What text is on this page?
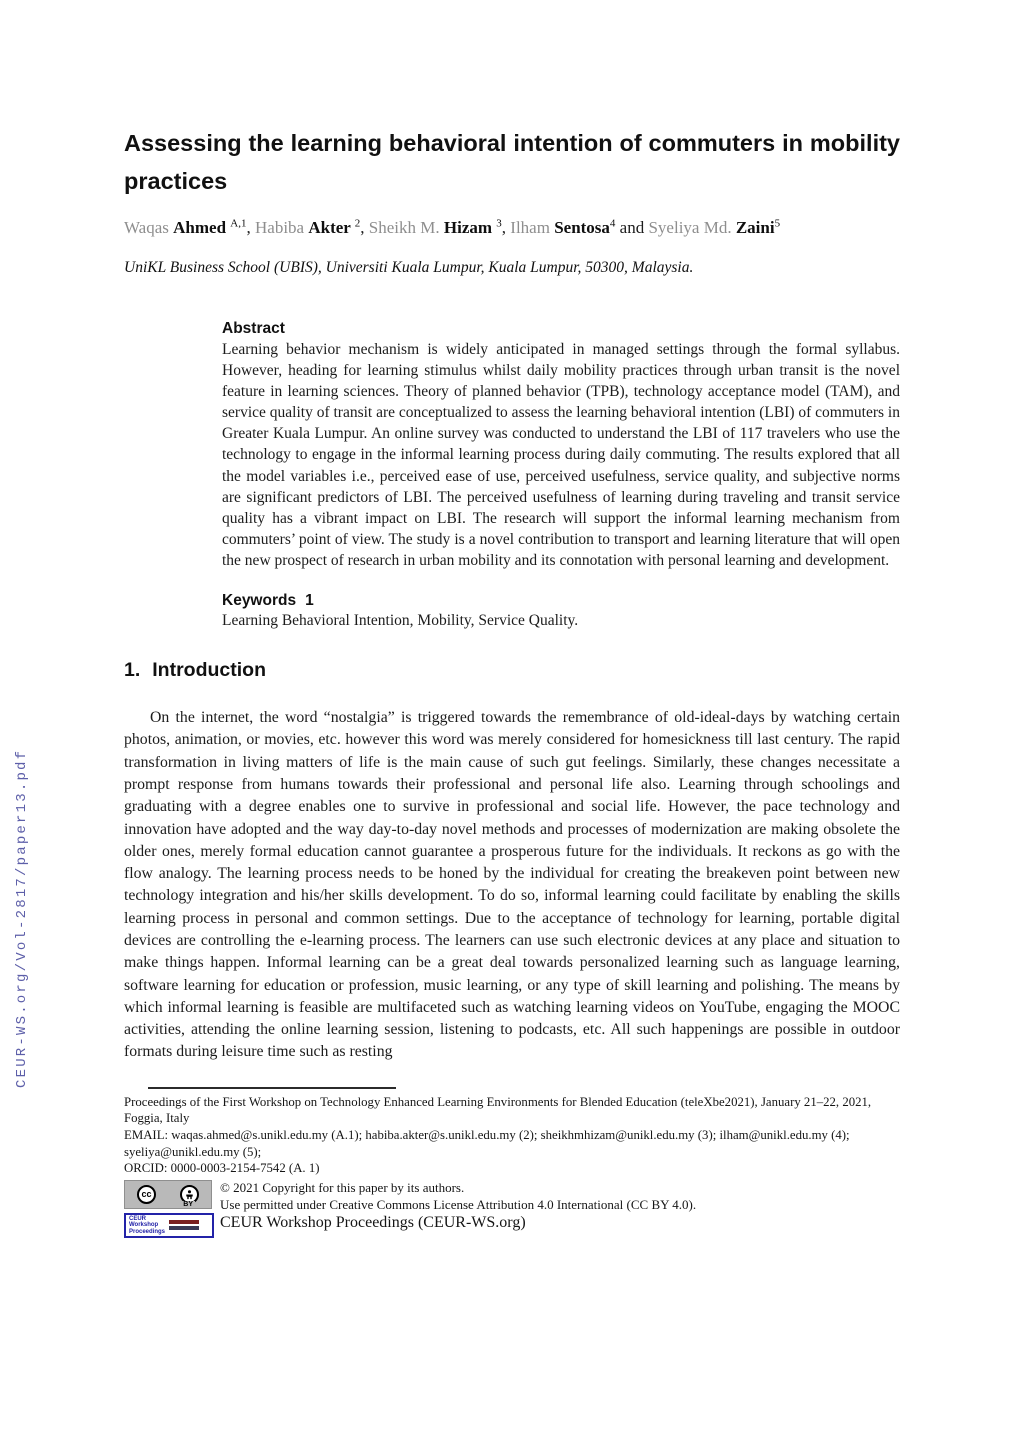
CEUR-WS.org/Vol-2817/paper13.pdf
Assessing the learning behavioral intention of commuters in mobility practices
Waqas Ahmed $^{A,1}$, Habiba Akter $^2$, Sheikh M. Hizam $^3$, Ilham Sentosa$^4$ and Syeliya Md. Zaini$^5$
UniKL Business School (UBIS), Universiti Kuala Lumpur, Kuala Lumpur, 50300, Malaysia.
Abstract
Learning behavior mechanism is widely anticipated in managed settings through the formal syllabus. However, heading for learning stimulus whilst daily mobility practices through urban transit is the novel feature in learning sciences. Theory of planned behavior (TPB), technology acceptance model (TAM), and service quality of transit are conceptualized to assess the learning behavioral intention (LBI) of commuters in Greater Kuala Lumpur. An online survey was conducted to understand the LBI of 117 travelers who use the technology to engage in the informal learning process during daily commuting. The results explored that all the model variables i.e., perceived ease of use, perceived usefulness, service quality, and subjective norms are significant predictors of LBI. The perceived usefulness of learning during traveling and transit service quality has a vibrant impact on LBI. The research will support the informal learning mechanism from commuters’ point of view. The study is a novel contribution to transport and learning literature that will open the new prospect of research in urban mobility and its connotation with personal learning and development.
Keywords 1
Learning Behavioral Intention, Mobility, Service Quality.
1. Introduction

On the internet, the word “nostalgia” is triggered towards the remembrance of old-ideal-days by watching certain photos, animation, or movies, etc. however this word was merely considered for homesickness till last century. The rapid transformation in living matters of life is the main cause of such gut feelings. Similarly, these changes necessitate a prompt response from humans towards their professional and personal life also. Learning through schoolings and graduating with a degree enables one to survive in professional and social life. However, the pace technology and innovation have adopted and the way day-to-day novel methods and processes of modernization are making obsolete the older ones, merely formal education cannot guarantee a prosperous future for the individuals. It reckons as go with the flow analogy. The learning process needs to be honed by the individual for creating the breakeven point between new technology integration and his/her skills development. To do so, informal learning could facilitate by enabling the skills learning process in personal and common settings. Due to the acceptance of technology for learning, portable digital devices are controlling the e-learning process. The learners can use such electronic devices at any place and situation to make things happen. Informal learning can be a great deal towards personalized learning such as language learning, software learning for education or profession, music learning, or any type of skill learning and polishing. The means by which informal learning is feasible are multifaceted such as watching learning videos on YouTube, engaging the MOOC activities, attending the online learning session, listening to podcasts, etc. All such happenings are possible in outdoor formats during leisure time such as resting

Proceedings of the First Workshop on Technology Enhanced Learning Environments for Blended Education (teleXbe2021), January 21–22, 2021, Foggia, Italy
EMAIL: waqas.ahmed@s.unikl.edu.my (A.1); habiba.akter@s.unikl.edu.my (2); sheikhmhizam@unikl.edu.my (3); ilham@unikl.edu.my (4); syeliya@unikl.edu.my (5);
ORCID: 0000-0003-2154-7542 (A. 1)
cc
BY
CEUR
Workshop
Proceedings
© 2021 Copyright for this paper by its authors.
Use permitted under Creative Commons License Attribution 4.0 International (CC BY 4.0).
CEUR Workshop Proceedings (CEUR-WS.org)
